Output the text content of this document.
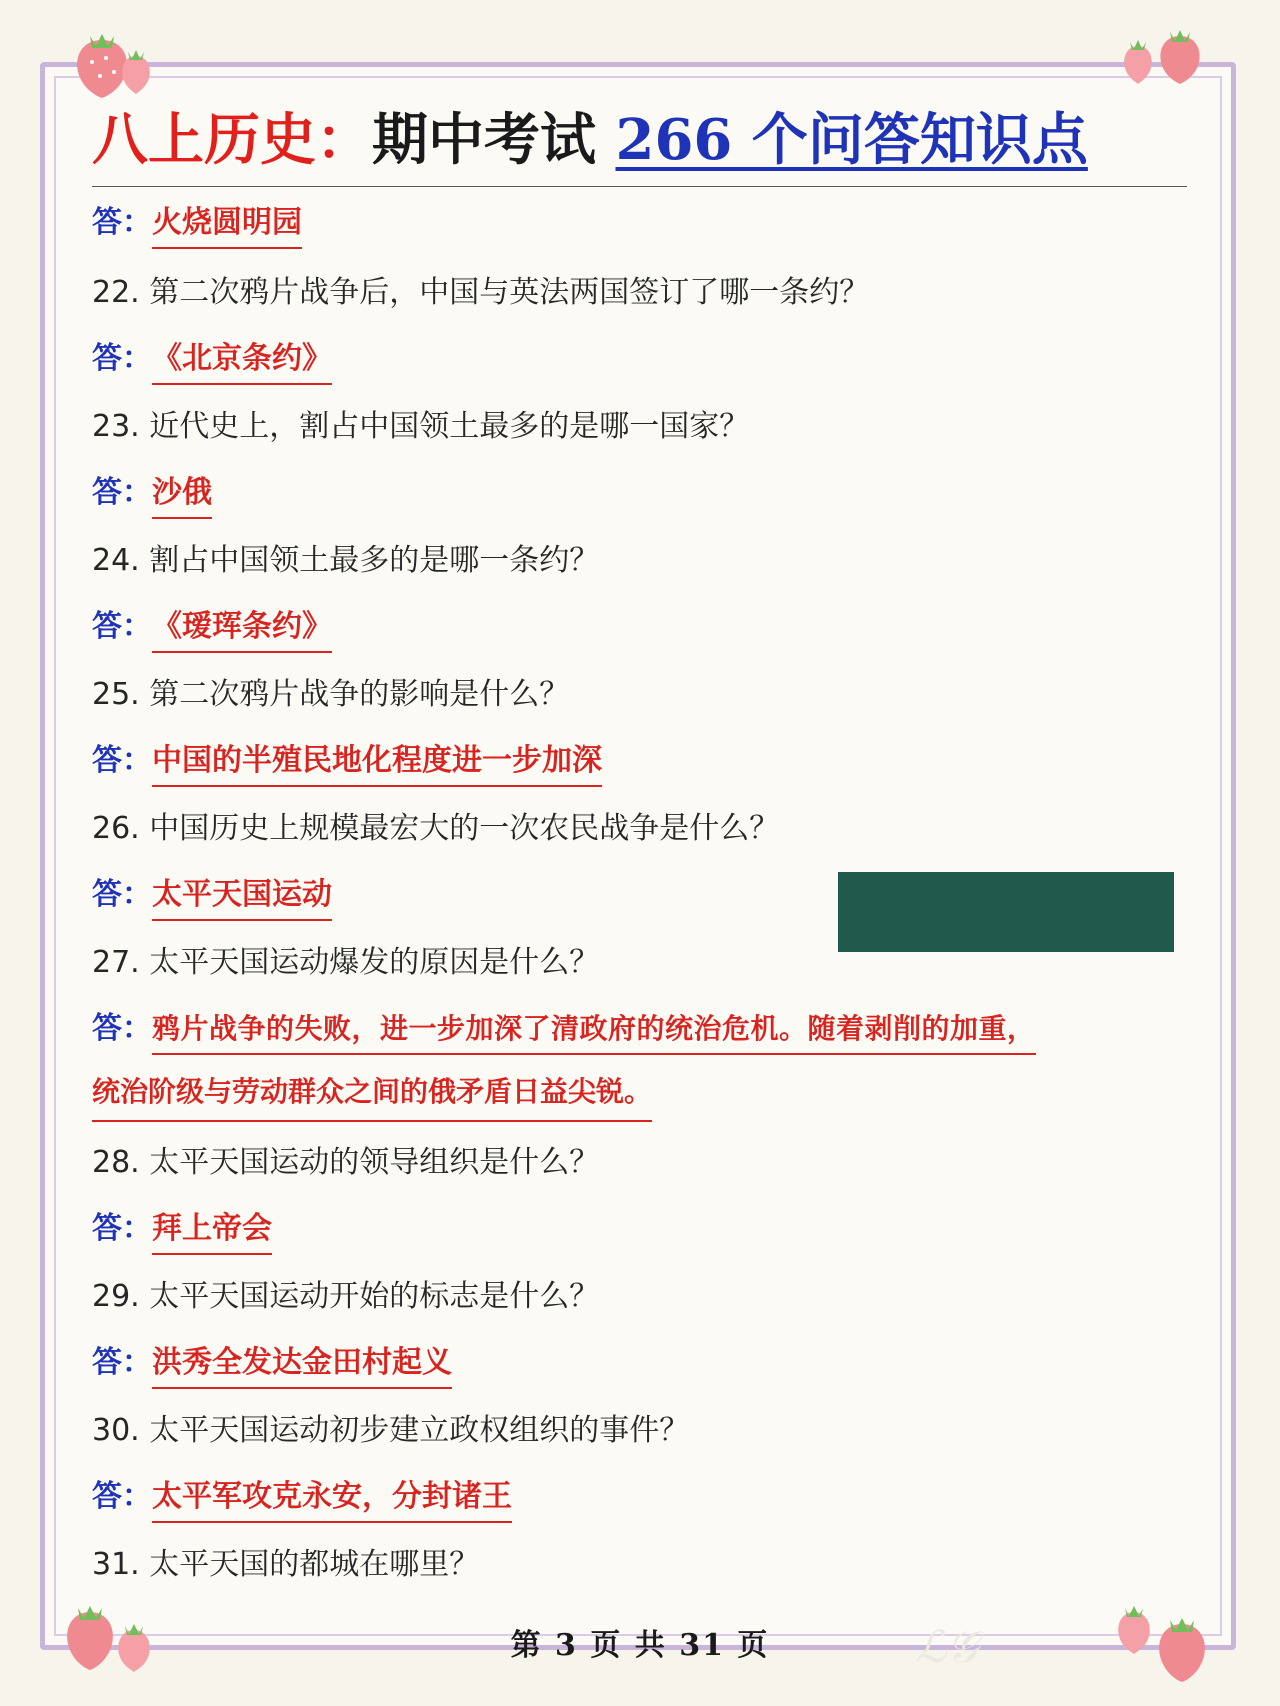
八上历史：期中考试 266 个问答知识点
答：火烧圆明园
22. 第二次鸦片战争后，中国与英法两国签订了哪一条约？
答：《北京条约》
23. 近代史上，割占中国领土最多的是哪一国家？
答：沙俄
24. 割占中国领土最多的是哪一条约？
答：《瑷珲条约》
25. 第二次鸦片战争的影响是什么？
答：中国的半殖民地化程度进一步加深
26. 中国历史上规模最宏大的一次农民战争是什么？
答：太平天国运动
27. 太平天国运动爆发的原因是什么？
答：鸦片战争的失败，进一步加深了清政府的统治危机。随着剥削的加重，
统治阶级与劳动群众之间的俄矛盾日益尖锐。
28. 太平天国运动的领导组织是什么？
答：拜上帝会
29. 太平天国运动开始的标志是什么？
答：洪秀全发达金田村起义
30. 太平天国运动初步建立政权组织的事件？
答：太平军攻克永安，分封诸王
31. 太平天国的都城在哪里？
第 3 页 共 31 页	ℒ𝒢
